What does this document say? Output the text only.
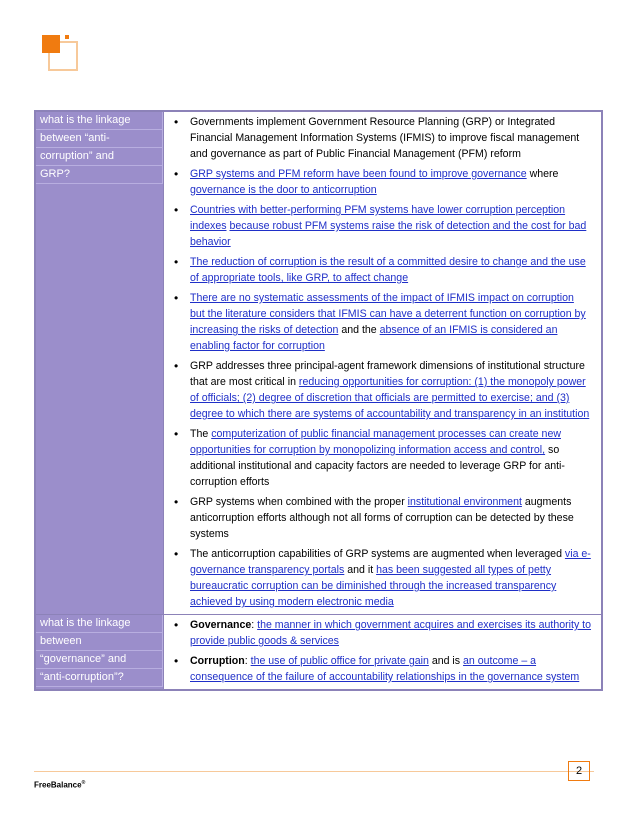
what is the linkage
between “anti-
corruption” and
GRP?
• Governments implement Government Resource Planning (GRP) or Integrated Financial Management Information Systems (IFMIS) to improve fiscal management and governance as part of Public Financial Management (PFM) reform
• GRP systems and PFM reform have been found to improve governance where governance is the door to anticorruption
• Countries with better-performing PFM systems have lower corruption perception indexes because robust PFM systems raise the risk of detection and the cost for bad behavior
• The reduction of corruption is the result of a committed desire to change and the use of appropriate tools, like GRP, to affect change
• There are no systematic assessments of the impact of IFMIS impact on corruption but the literature considers that IFMIS can have a deterrent function on corruption by increasing the risks of detection and the absence of an IFMIS is considered an enabling factor for corruption
• GRP addresses three principal-agent framework dimensions of institutional structure that are most critical in reducing opportunities for corruption: (1) the monopoly power of officials; (2) degree of discretion that officials are permitted to exercise; and (3) degree to which there are systems of accountability and transparency in an institution
• The computerization of public financial management processes can create new opportunities for corruption by monopolizing information access and control, so additional institutional and capacity factors are needed to leverage GRP for anti-corruption efforts
• GRP systems when combined with the proper institutional environment augments anticorruption efforts although not all forms of corruption can be detected by these systems
• The anticorruption capabilities of GRP systems are augmented when leveraged via e-governance transparency portals and it has been suggested all types of petty bureaucratic corruption can be diminished through the increased transparency achieved by using modern electronic media
what is the linkage
between
“governance” and
“anti-corruption”?
• Governance: the manner in which government acquires and exercises its authority to provide public goods & services
• Corruption: the use of public office for private gain and is an outcome – a consequence of the failure of accountability relationships in the governance system
FreeBalance®
2
